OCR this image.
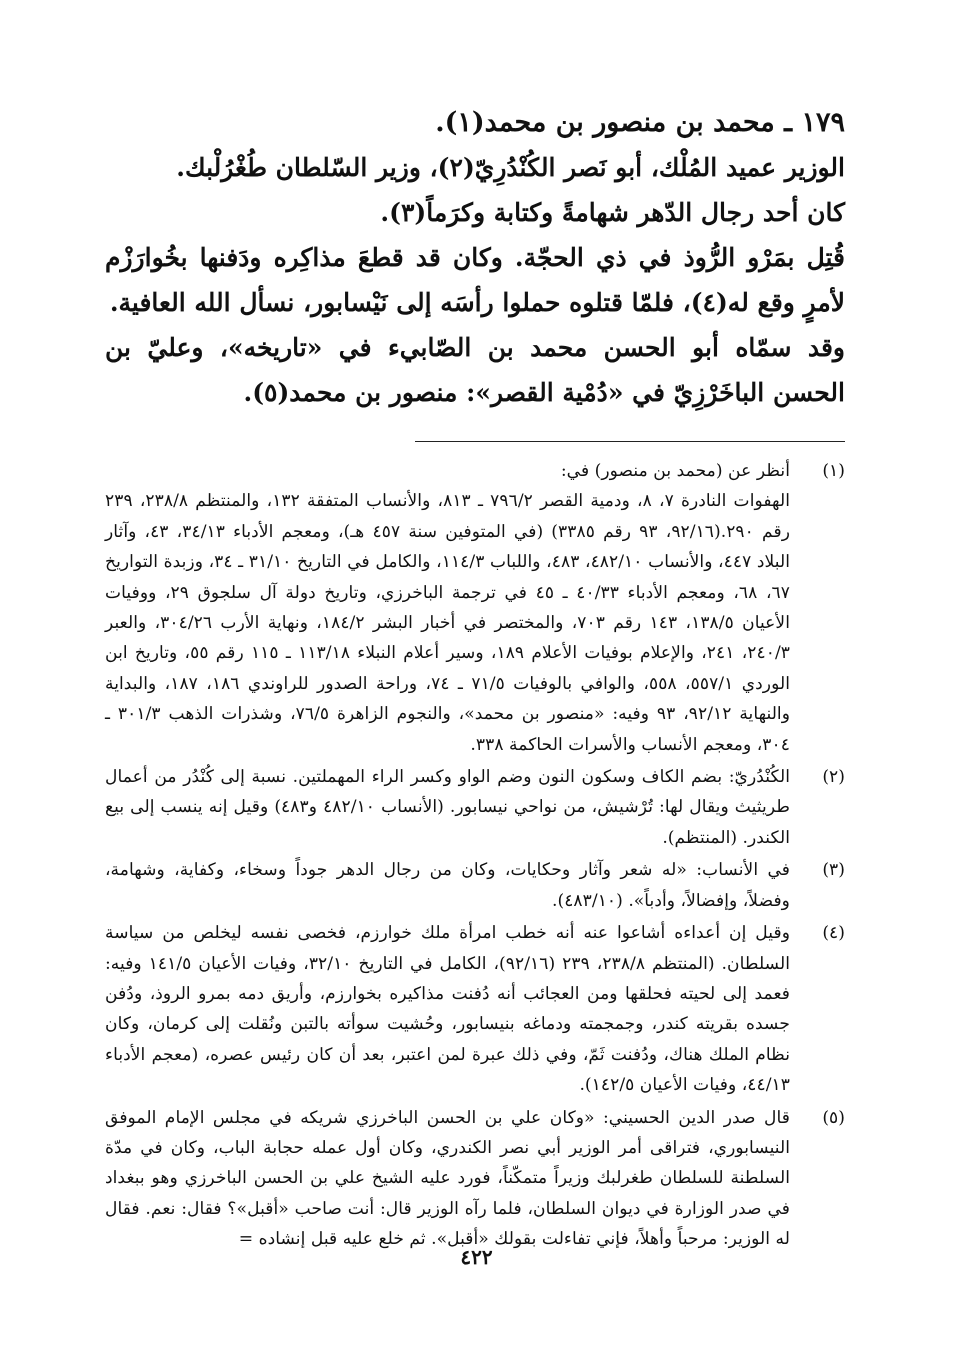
١٧٩ ـ محمد بن منصور بن محمد(١).

الوزير عميد المُلْك، أبو نَصر الكُنْدُرِيّ(٢)، وزير السّلطان طُغْرُلْبك.

كان أحد رجال الدّهر شهامةً وكتابة وكرَماً(٣).

قُتِل بمَرْو الرُّوذ في ذي الحجّة. وكان قد قطعَ مذاكِره ودَفنها بخُوارَزْم لأمرٍ وقع له(٤)، فلمّا قتلوه حملوا رأسَه إلى نَيْسابور، نسأل الله العافية.

وقد سمّاه أبو الحسن محمد بن الصّابيء في «تاريخه»، وعليّ بن الحسن الباخَرْزِيّ في «دُمْية القصر»: منصور بن محمد(٥).

(١)
أنظر عن (محمد بن منصور) في:
الهفوات النادرة ٧، ٨، ودمية القصر ٧٩٦/٢ ـ ٨١٣، والأنساب المتفقة ١٣٢، والمنتظم ٢٣٨/٨، ٢٣٩ رقم ٢٩٠.(٩٢/١٦، ٩٣ رقم ٣٣٨٥) (في المتوفين سنة ٤٥٧ هـ)، ومعجم الأدباء ٣٤/١٣، ٤٣، وآثار البلاد ٤٤٧، والأنساب ٤٨٢/١٠، ٤٨٣، واللباب ١١٤/٣، والكامل في التاريخ ٣١/١٠ ـ ٣٤، وزبدة التواريخ ٦٧، ٦٨، ومعجم الأدباء ٤٠/٣٣ ـ ٤٥ في ترجمة الباخرزي، وتاريخ دولة آل سلجوق ٢٩، ووفيات الأعيان ١٣٨/٥، ١٤٣ رقم ٧٠٣، والمختصر في أخبار البشر ١٨٤/٢، ونهاية الأرب ٣٠٤/٢٦، والعبر ٢٤٠/٣، ٢٤١، والإعلام بوفيات الأعلام ١٨٩، وسير أعلام النبلاء ١١٣/١٨ ـ ١١٥ رقم ٥٥، وتاريخ ابن الوردي ٥٥٧/١، ٥٥٨، والوافي بالوفيات ٧١/٥ ـ ٧٤، وراحة الصدور للراوندي ١٨٦، ١٨٧، والبداية والنهاية ٩٢/١٢، ٩٣ وفيه: «منصور بن محمد»، والنجوم الزاهرة ٧٦/٥، وشذرات الذهب ٣٠١/٣ ـ ٣٠٤، ومعجم الأنساب والأسرات الحاكمة ٣٣٨.
(٢)
الكُنْدُريّ: بضم الكاف وسكون النون وضم الواو وكسر الراء المهملتين. نسبة إلى كُنْدُر من أعمال طريثيث ويقال لها: تُرْشيش، من نواحي نيسابور. (الأنساب ٤٨٢/١٠ و٤٨٣) وقيل إنه ينسب إلى بيع الكندر. (المنتظم).
(٣)
في الأنساب: «له شعر وآثار وحكايات، وكان من رجال الدهر جوداً وسخاء، وكفاية، وشهامة، وفضلاً، وإفضالاً، وأدباً». (٤٨٣/١٠).
(٤)
وقيل إن أعداءه أشاعوا عنه أنه خطب امرأة ملك خوارزم، فخصى نفسه ليخلص من سياسة السلطان. (المنتظم ٢٣٨/٨، ٢٣٩ (٩٢/١٦)، الكامل في التاريخ ٣٢/١٠، وفيات الأعيان ١٤١/٥ وفيه: فعمد إلى لحيته فحلقها ومن العجائب أنه دُفنت مذاكيره بخوارزم، وأريق دمه بمرو الروذ، ودُفن جسده بقريته كندر، وجمجمته ودماغه بنيسابور، وحُشيت سوأته بالتبن ونُقلت إلى كرمان، وكان نظام الملك هناك، ودُفنت ثَمّ، وفي ذلك عبرة لمن اعتبر، بعد أن كان رئيس عصره، (معجم الأدباء ٤٤/١٣، وفيات الأعيان ١٤٢/٥).
(٥)
قال صدر الدين الحسيني: «وكان علي بن الحسن الباخرزي شريكه في مجلس الإمام الموفق النيسابوري، فتراقى أمر الوزير أبي نصر الكندري، وكان أول عمله حجابة الباب، وكان في مدّة السلطنة للسلطان طغرلبك وزيراً متمكّناً، فورد عليه الشيخ علي بن الحسن الباخرزي وهو ببغداد في صدر الوزارة في ديوان السلطان، فلما رآه الوزير قال: أنت صاحب «أقبل»؟ فقال: نعم. فقال له الوزير: مرحباً وأهلاً، فإني تفاءلت بقولك «أقبل». ثم خلع عليه قبل إنشاده =
٤٢٢
